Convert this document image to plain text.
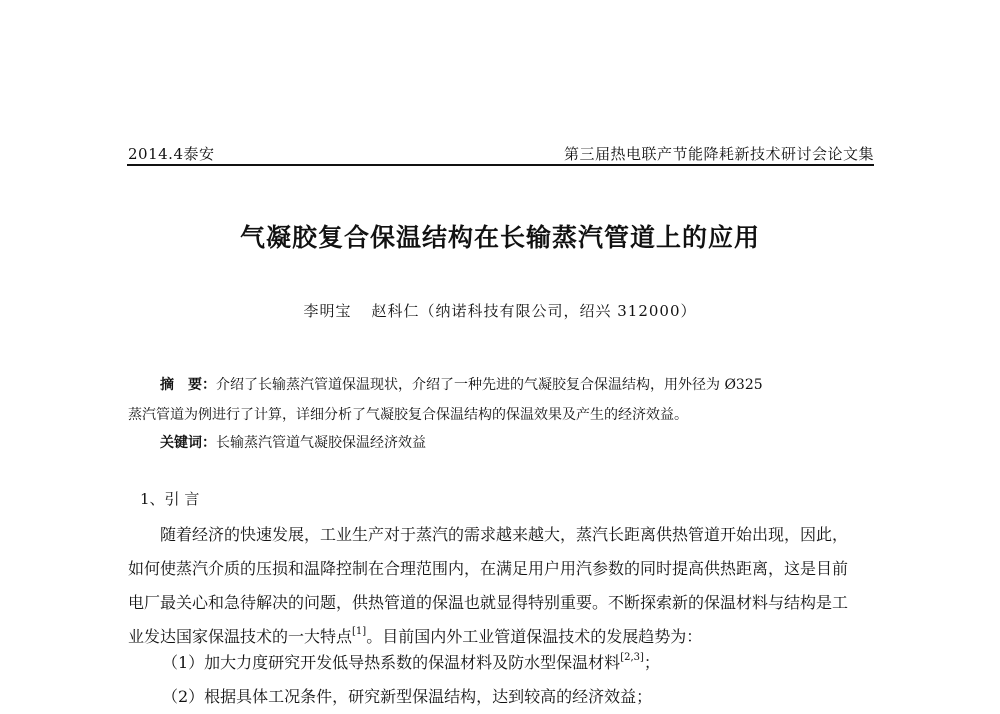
2014.4泰安	第三届热电联产节能降耗新技术研讨会论文集
气凝胶复合保温结构在长输蒸汽管道上的应用
李明宝 赵科仁（纳诺科技有限公司，绍兴 312000）
摘　要：介绍了长输蒸汽管道保温现状，介绍了一种先进的气凝胶复合保温结构，用外径为 Ø325
蒸汽管道为例进行了计算，详细分析了气凝胶复合保温结构的保温效果及产生的经济效益。
关键词：长输蒸汽管道气凝胶保温经济效益
1、引 言
随着经济的快速发展，工业生产对于蒸汽的需求越来越大，蒸汽长距离供热管道开始出现，因此，
如何使蒸汽介质的压损和温降控制在合理范围内，在满足用户用汽参数的同时提高供热距离，这是目前
电厂最关心和急待解决的问题，供热管道的保温也就显得特别重要。不断探索新的保温材料与结构是工
业发达国家保温技术的一大特点[1]。目前国内外工业管道保温技术的发展趋势为：
（1）加大力度研究开发低导热系数的保温材料及防水型保温材料[2,3]；
（2）根据具体工况条件，研究新型保温结构，达到较高的经济效益；
